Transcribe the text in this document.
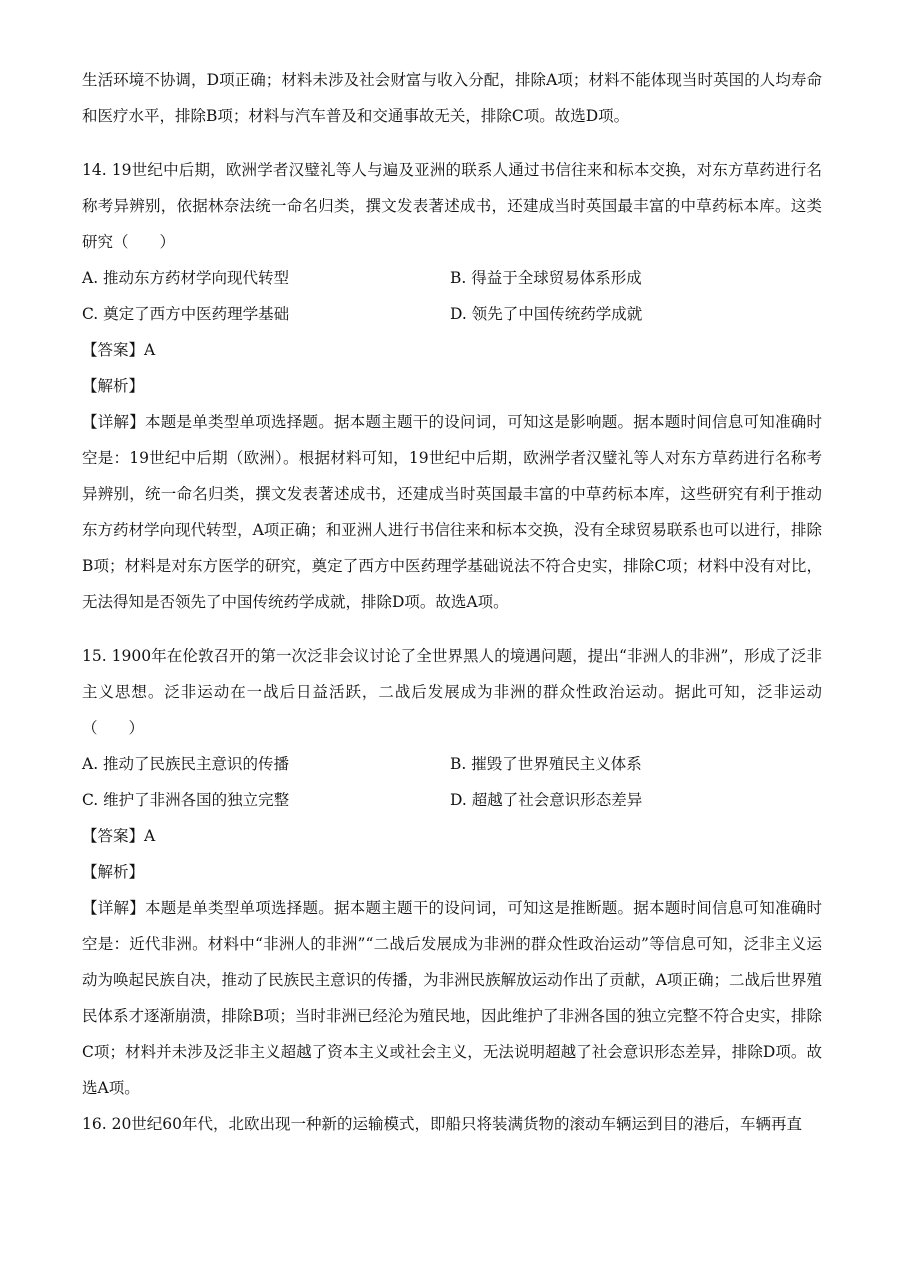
生活环境不协调，D项正确；材料未涉及社会财富与收入分配，排除A项；材料不能体现当时英国的人均寿命和医疗水平，排除B项；材料与汽车普及和交通事故无关，排除C项。故选D项。

14. 19世纪中后期，欧洲学者汉璧礼等人与遍及亚洲的联系人通过书信往来和标本交换，对东方草药进行名称考异辨别，依据林奈法统一命名归类，撰文发表著述成书，还建成当时英国最丰富的中草药标本库。这类研究（　　）

A. 推动东方药材学向现代转型	B. 得益于全球贸易体系形成
C. 奠定了西方中医药理学基础	D. 领先了中国传统药学成就

【答案】A

【解析】

【详解】本题是单类型单项选择题。据本题主题干的设问词，可知这是影响题。据本题时间信息可知准确时空是：19世纪中后期（欧洲）。根据材料可知，19世纪中后期，欧洲学者汉璧礼等人对东方草药进行名称考异辨别，统一命名归类，撰文发表著述成书，还建成当时英国最丰富的中草药标本库，这些研究有利于推动东方药材学向现代转型，A项正确；和亚洲人进行书信往来和标本交换，没有全球贸易联系也可以进行，排除B项；材料是对东方医学的研究，奠定了西方中医药理学基础说法不符合史实，排除C项；材料中没有对比，无法得知是否领先了中国传统药学成就，排除D项。故选A项。

15. 1900年在伦敦召开的第一次泛非会议讨论了全世界黑人的境遇问题，提出“非洲人的非洲”，形成了泛非主义思想。泛非运动在一战后日益活跃，二战后发展成为非洲的群众性政治运动。据此可知，泛非运动（　　）

A. 推动了民族民主意识的传播	B. 摧毁了世界殖民主义体系
C. 维护了非洲各国的独立完整	D. 超越了社会意识形态差异

【答案】A

【解析】

【详解】本题是单类型单项选择题。据本题主题干的设问词，可知这是推断题。据本题时间信息可知准确时空是：近代非洲。材料中“非洲人的非洲”“二战后发展成为非洲的群众性政治运动”等信息可知，泛非主义运动为唤起民族自决，推动了民族民主意识的传播，为非洲民族解放运动作出了贡献，A项正确；二战后世界殖民体系才逐渐崩溃，排除B项；当时非洲已经沦为殖民地，因此维护了非洲各国的独立完整不符合史实，排除C项；材料并未涉及泛非主义超越了资本主义或社会主义，无法说明超越了社会意识形态差异，排除D项。故选A项。

16. 20世纪60年代，北欧出现一种新的运输模式，即船只将装满货物的滚动车辆运到目的港后，车辆再直
